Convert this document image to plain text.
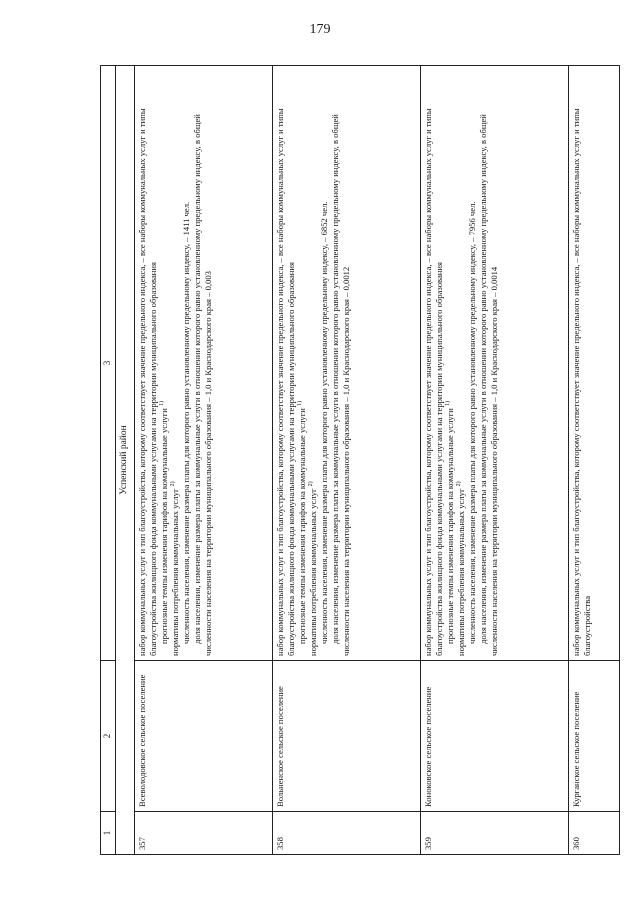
179
1	2	3
Успенский район		
357	Всеволодовское сельское поселение	набор коммунальных услуг и тип благоустройства, которому соответствует значение предельного индекса, – все наборы коммунальных услуг и типы благоустройства жилищного фонда коммунальными услугами на территории муниципального образования прогнозные темпы изменения тарифов на коммунальные услуги $^{1)}$

нормативы потребления коммунальных услуг $^{2)}$ численность населения, изменение размера платы для которого равно установленному предельному индексу, – 1411 чел. доля населения, изменение размера платы за коммунальные услуги в отношении которого равно установленному предельному индексу, в общей численности населения на территории муниципального образования – 1,0 и Краснодарского края – 0,003

358	Вольненское сельское поселение	набор коммунальных услуг и тип благоустройства, которому соответствует значение предельного индекса, – все наборы коммунальных услуг и типы благоустройства жилищного фонда коммунальными услугами на территории муниципального образования прогнозные темпы изменения тарифов на коммунальные услуги $^{1)}$

нормативы потребления коммунальных услуг $^{2)}$ численность населения, изменение размера платы для которого равно установленному предельному индексу, – 6852 чел. доля населения, изменение размера платы за коммунальные услуги в отношении которого равно установленному предельному индексу, в общей численности населения на территории муниципального образования – 1,0 и Краснодарского края – 0,0012

359	Коноковское сельское поселение	набор коммунальных услуг и тип благоустройства, которому соответствует значение предельного индекса, – все наборы коммунальных услуг и типы благоустройства жилищного фонда коммунальными услугами на территории муниципального образования прогнозные темпы изменения тарифов на коммунальные услуги $^{1)}$

нормативы потребления коммунальных услуг $^{2)}$ численность населения, изменение размера платы для которого равно установленному предельному индексу, – 7956 чел. доля населения, изменение размера платы за коммунальные услуги в отношении которого равно установленному предельному индексу, в общей численности населения на территории муниципального образования – 1,0 и Краснодарского края – 0,0014

360	Курганское сельское поселение	набор коммунальных услуг и тип благоустройства, которому соответствует значение предельного индекса, – все наборы коммунальных услуг и типы благоустройства
